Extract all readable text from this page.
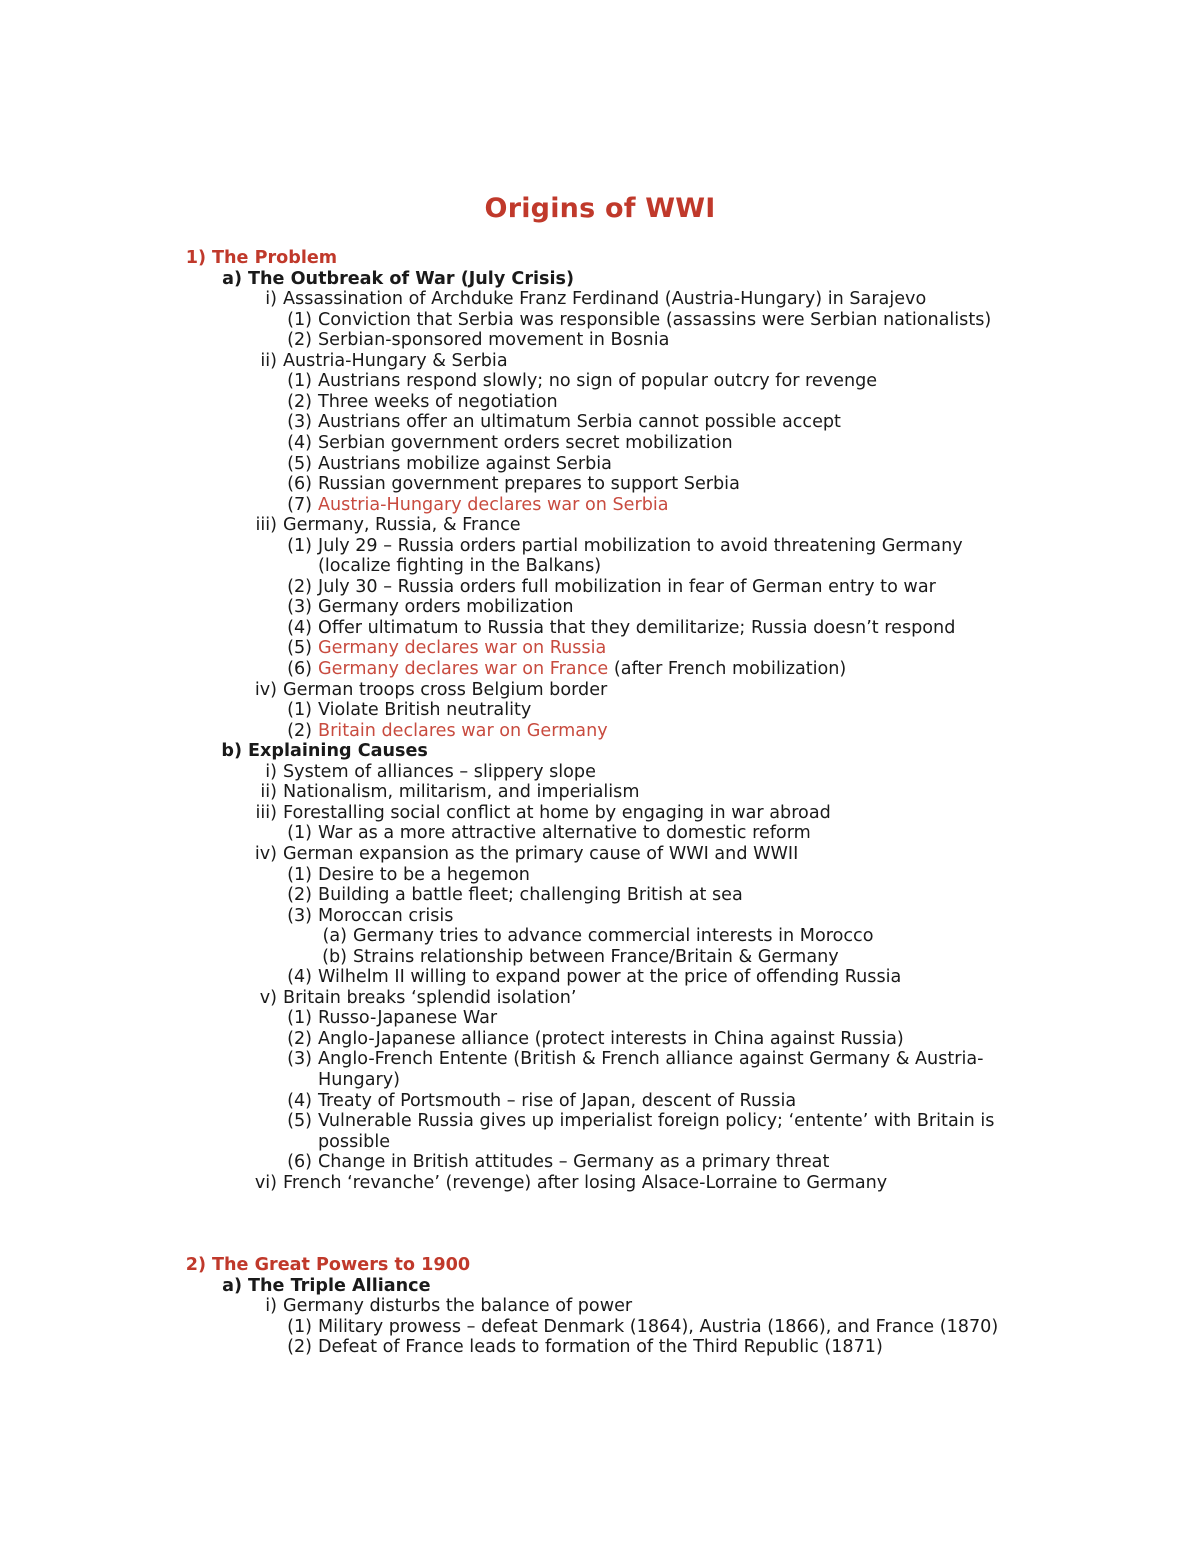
Origins of WWI
1) The Problem
a) The Outbreak of War (July Crisis)
i) Assassination of Archduke Franz Ferdinand (Austria-Hungary) in Sarajevo
(1) Conviction that Serbia was responsible (assassins were Serbian nationalists)
(2) Serbian-sponsored movement in Bosnia
ii) Austria-Hungary & Serbia
(1) Austrians respond slowly; no sign of popular outcry for revenge
(2) Three weeks of negotiation
(3) Austrians offer an ultimatum Serbia cannot possible accept
(4) Serbian government orders secret mobilization
(5) Austrians mobilize against Serbia
(6) Russian government prepares to support Serbia
(7) Austria-Hungary declares war on Serbia
iii) Germany, Russia, & France
(1) July 29 – Russia orders partial mobilization to avoid threatening Germany
(localize fighting in the Balkans)
(2) July 30 – Russia orders full mobilization in fear of German entry to war
(3) Germany orders mobilization
(4) Offer ultimatum to Russia that they demilitarize; Russia doesn’t respond
(5) Germany declares war on Russia
(6) Germany declares war on France (after French mobilization)
iv) German troops cross Belgium border
(1) Violate British neutrality
(2) Britain declares war on Germany
b) Explaining Causes
i) System of alliances – slippery slope
ii) Nationalism, militarism, and imperialism
iii) Forestalling social conflict at home by engaging in war abroad
(1) War as a more attractive alternative to domestic reform
iv) German expansion as the primary cause of WWI and WWII
(1) Desire to be a hegemon
(2) Building a battle fleet; challenging British at sea
(3) Moroccan crisis
(a) Germany tries to advance commercial interests in Morocco
(b) Strains relationship between France/Britain & Germany
(4) Wilhelm II willing to expand power at the price of offending Russia
v) Britain breaks ‘splendid isolation’
(1) Russo-Japanese War
(2) Anglo-Japanese alliance (protect interests in China against Russia)
(3) Anglo-French Entente (British & French alliance against Germany & Austria-
Hungary)
(4) Treaty of Portsmouth – rise of Japan, descent of Russia
(5) Vulnerable Russia gives up imperialist foreign policy; ‘entente’ with Britain is
possible
(6) Change in British attitudes – Germany as a primary threat
vi) French ‘revanche’ (revenge) after losing Alsace-Lorraine to Germany
2) The Great Powers to 1900
a) The Triple Alliance
i) Germany disturbs the balance of power
(1) Military prowess – defeat Denmark (1864), Austria (1866), and France (1870)
(2) Defeat of France leads to formation of the Third Republic (1871)
